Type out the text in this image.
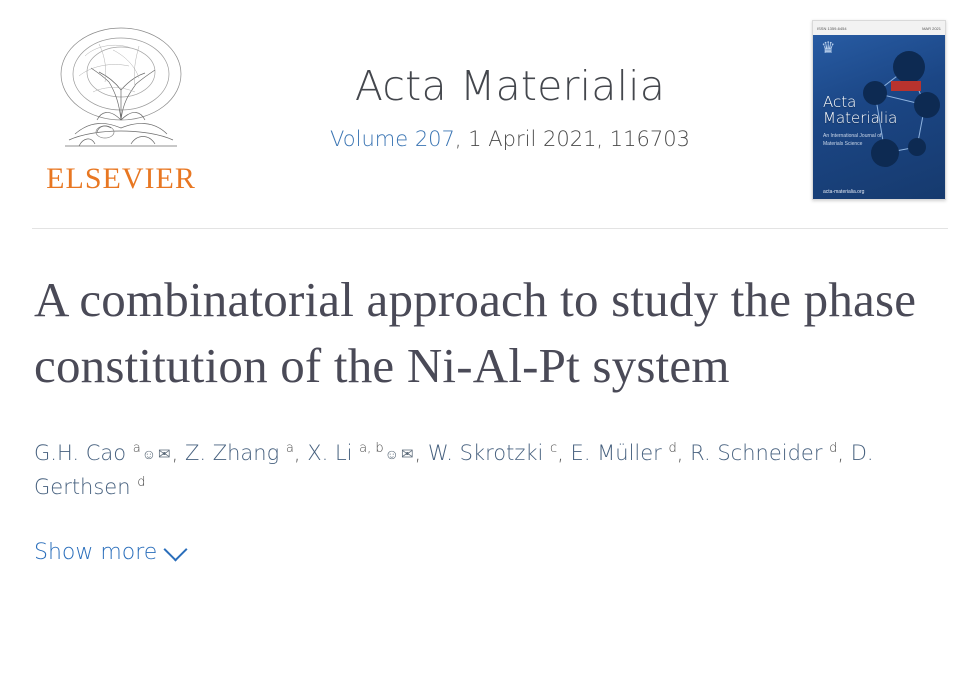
ELSEVIER
Acta Materialia
Volume 207, 1 April 2021, 116703
ISSN 1359-6454	MAR 2021
♛
Acta
Materialia
An International Journal of Materials Science
acta-materialia.org
A combinatorial approach to study the phase constitution of the Ni-Al-Pt system
G.H. Cao $^a$☺ ✉, Z. Zhang $^a$, X. Li $^{a, b}$☺ ✉, W. Skrotzki $^c$, E. Müller $^d$, R. Schneider $^d$, D. Gerthsen $^d$
Show more
